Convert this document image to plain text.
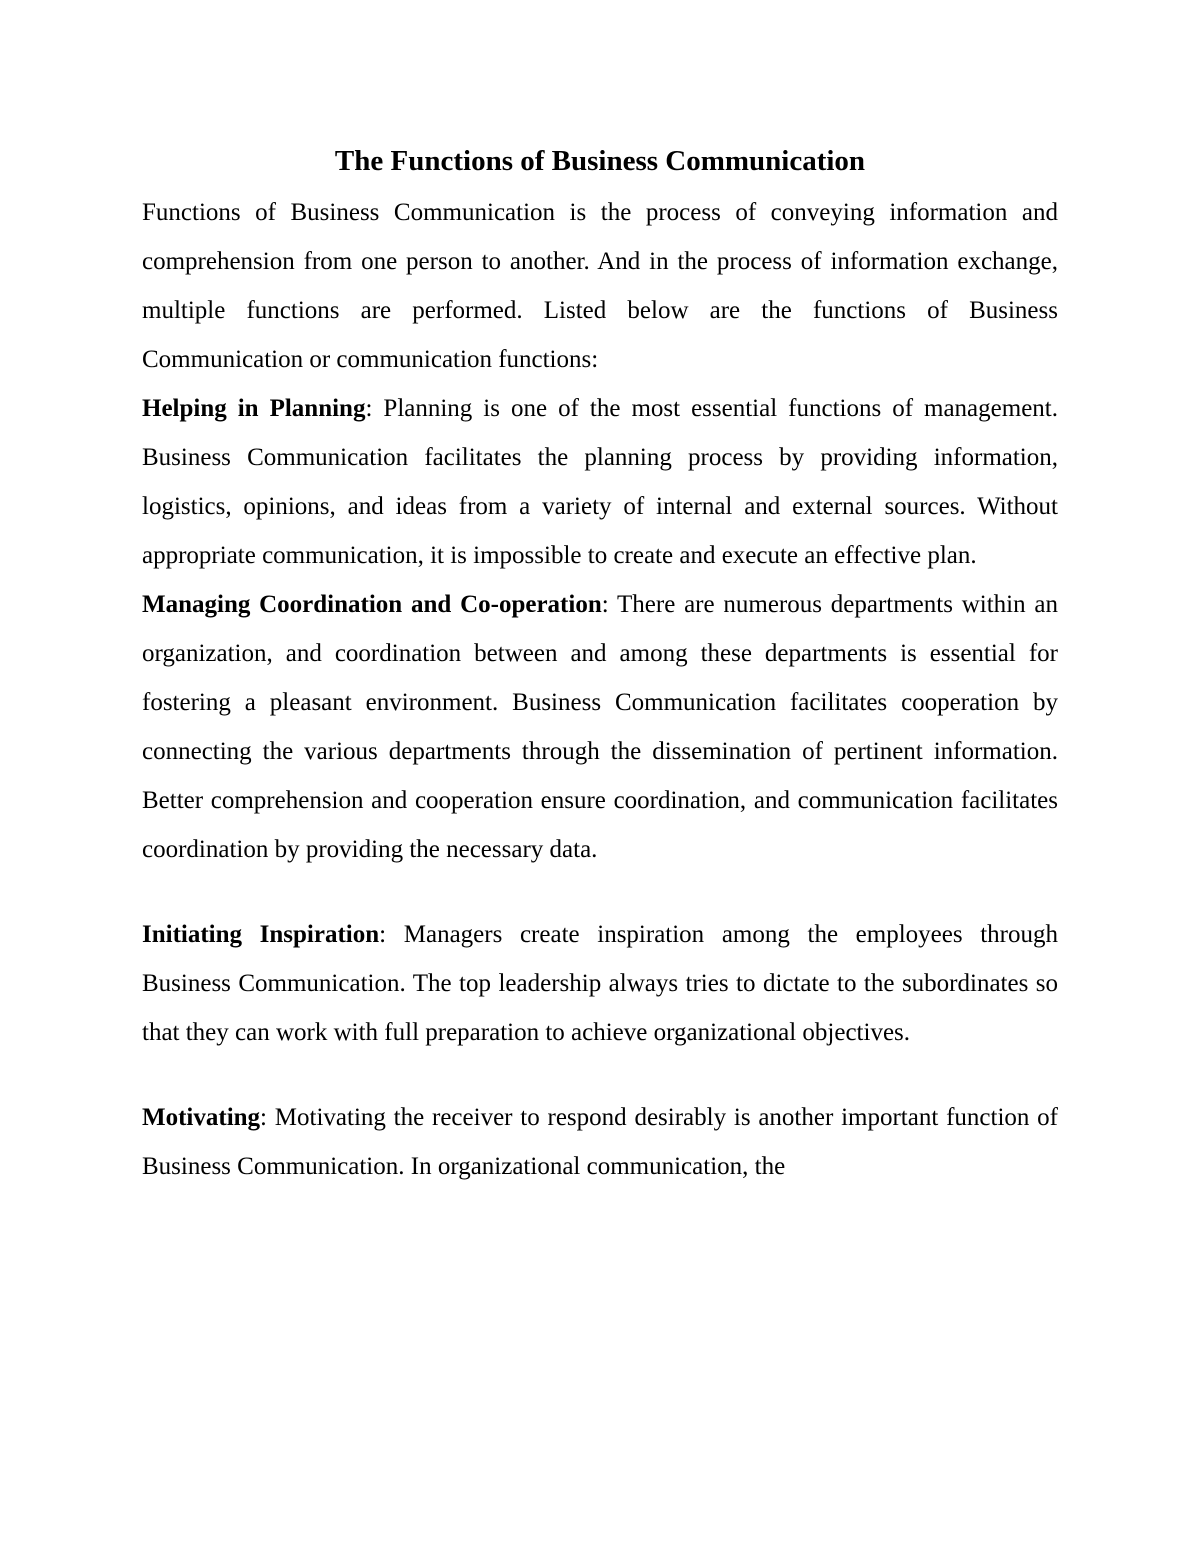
The Functions of Business Communication

Functions of Business Communication is the process of conveying information and comprehension from one person to another. And in the process of information exchange, multiple functions are performed. Listed below are the functions of Business Communication or communication functions:

Helping in Planning: Planning is one of the most essential functions of management. Business Communication facilitates the planning process by providing information, logistics, opinions, and ideas from a variety of internal and external sources. Without appropriate communication, it is impossible to create and execute an effective plan.

Managing Coordination and Co-operation: There are numerous departments within an organization, and coordination between and among these departments is essential for fostering a pleasant environment. Business Communication facilitates cooperation by connecting the various departments through the dissemination of pertinent information. Better comprehension and cooperation ensure coordination, and communication facilitates coordination by providing the necessary data.

Initiating Inspiration: Managers create inspiration among the employees through Business Communication. The top leadership always tries to dictate to the subordinates so that they can work with full preparation to achieve organizational objectives.

Motivating: Motivating the receiver to respond desirably is another important function of Business Communication. In organizational communication, the
